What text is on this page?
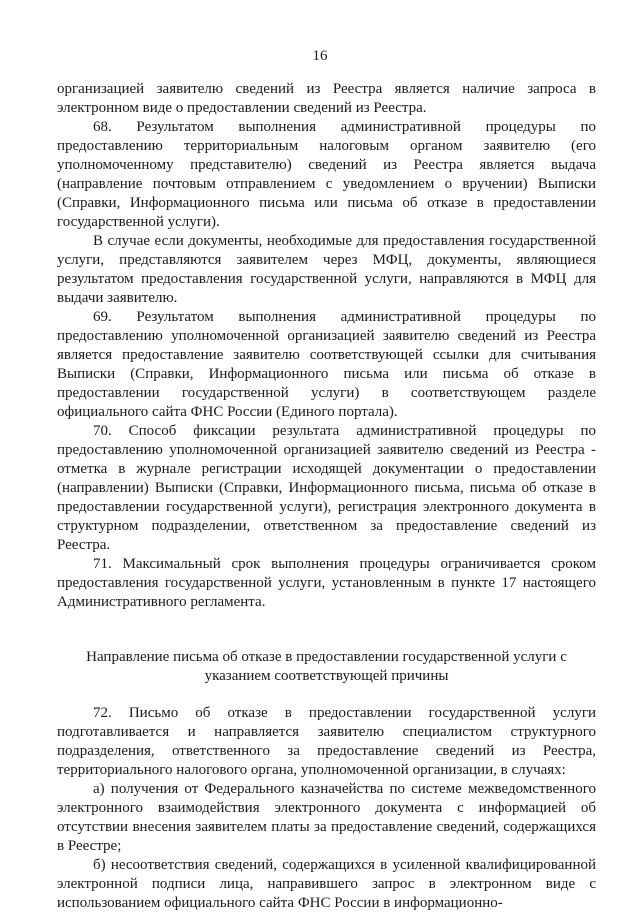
16

организацией заявителю сведений из Реестра является наличие запроса в электронном виде о предоставлении сведений из Реестра.

68. Результатом выполнения административной процедуры по предоставлению территориальным налоговым органом заявителю (его уполномоченному представителю) сведений из Реестра является выдача (направление почтовым отправлением с уведомлением о вручении) Выписки (Справки, Информационного письма или письма об отказе в предоставлении государственной услуги).

В случае если документы, необходимые для предоставления государственной услуги, представляются заявителем через МФЦ, документы, являющиеся результатом предоставления государственной услуги, направляются в МФЦ для выдачи заявителю.

69. Результатом выполнения административной процедуры по предоставлению уполномоченной организацией заявителю сведений из Реестра является предоставление заявителю соответствующей ссылки для считывания Выписки (Справки, Информационного письма или письма об отказе в предоставлении государственной услуги) в соответствующем разделе официального сайта ФНС России (Единого портала).

70. Способ фиксации результата административной процедуры по предоставлению уполномоченной организацией заявителю сведений из Реестра - отметка в журнале регистрации исходящей документации о предоставлении (направлении) Выписки (Справки, Информационного письма, письма об отказе в предоставлении государственной услуги), регистрация электронного документа в структурном подразделении, ответственном за предоставление сведений из Реестра.

71. Максимальный срок выполнения процедуры ограничивается сроком предоставления государственной услуги, установленным в пункте 17 настоящего Административного регламента.

Направление письма об отказе в предоставлении государственной услуги с указанием соответствующей причины

72. Письмо об отказе в предоставлении государственной услуги подготавливается и направляется заявителю специалистом структурного подразделения, ответственного за предоставление сведений из Реестра, территориального налогового органа, уполномоченной организации, в случаях:

а) получения от Федерального казначейства по системе межведомственного электронного взаимодействия электронного документа с информацией об отсутствии внесения заявителем платы за предоставление сведений, содержащихся в Реестре;

б) несоответствия сведений, содержащихся в усиленной квалифицированной электронной подписи лица, направившего запрос в электронном виде с использованием официального сайта ФНС России в информационно-
